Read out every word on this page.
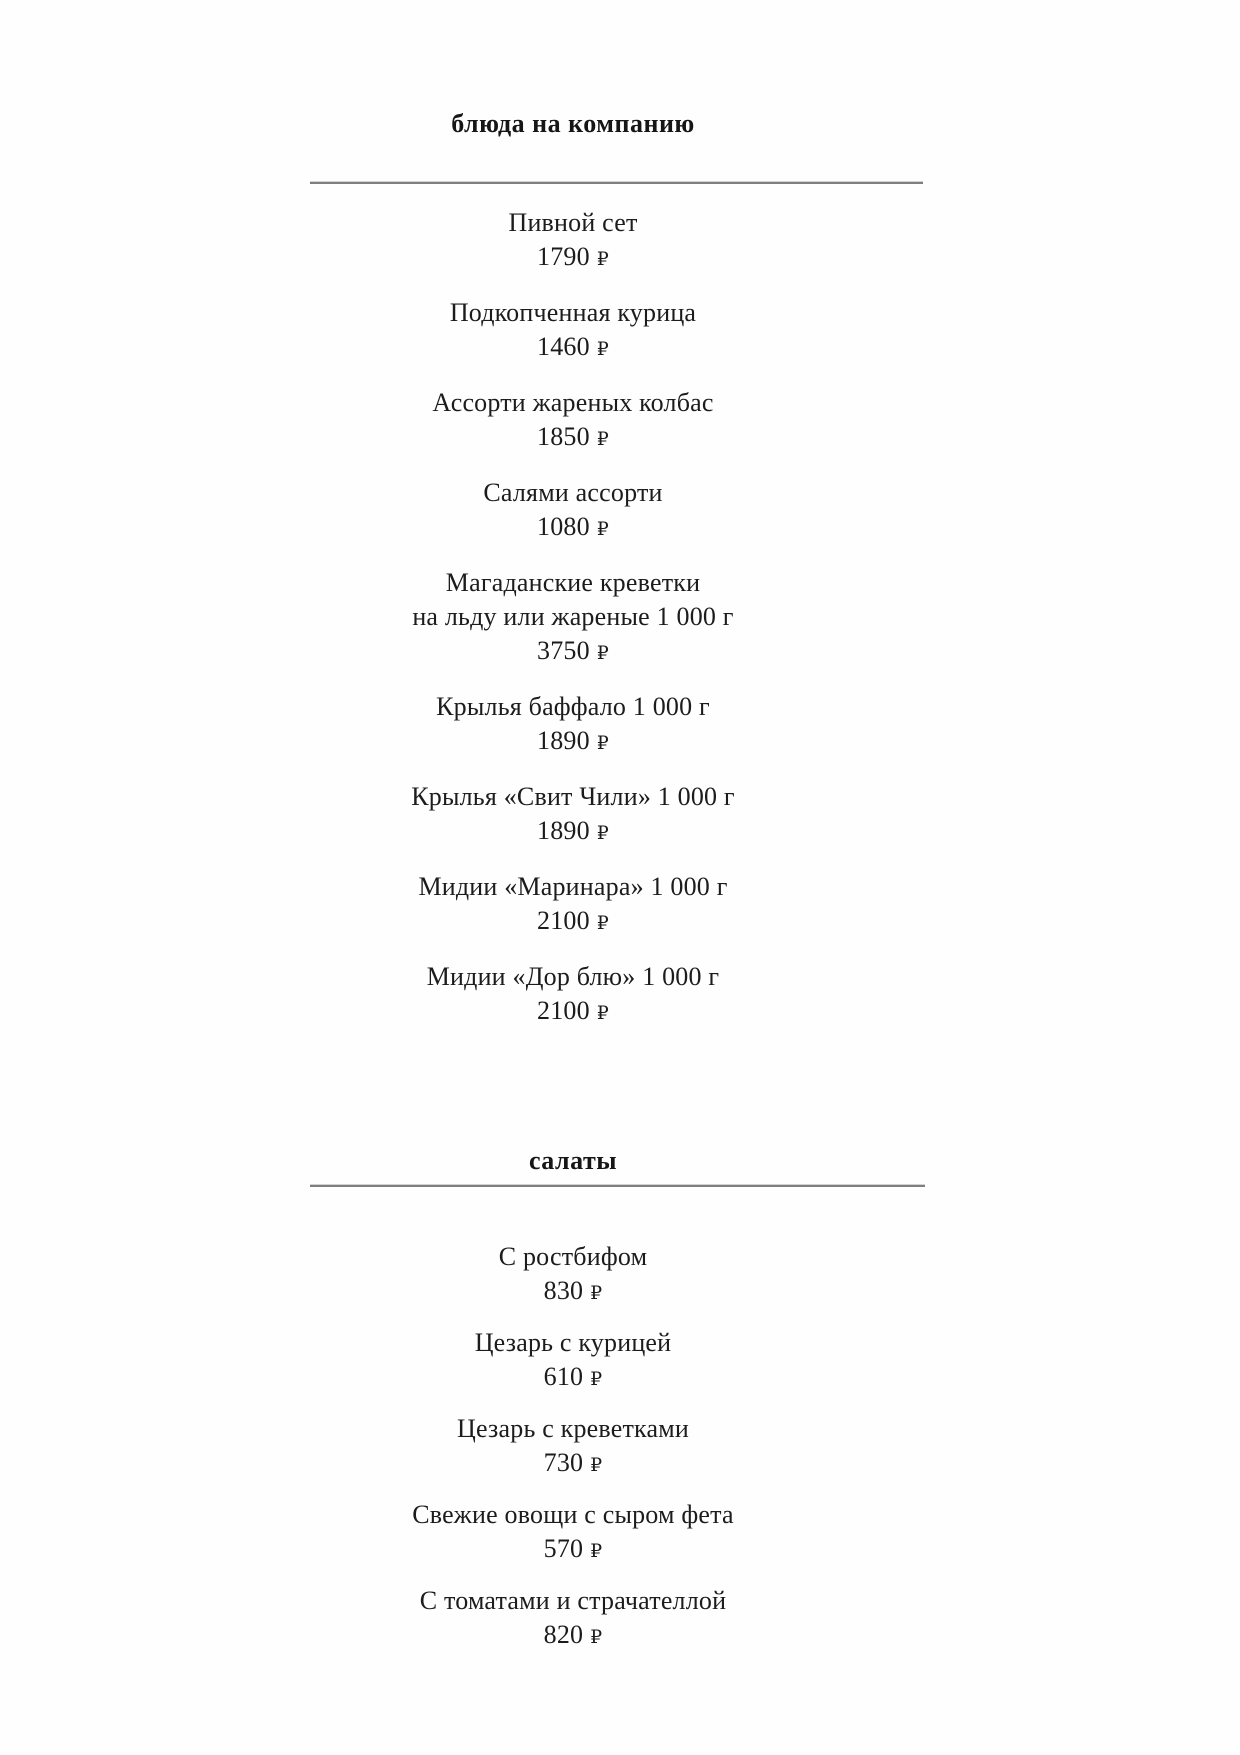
блюда на компанию
Пивной сет
1790 ₽
Подкопченная курица
1460 ₽
Ассорти жареных колбас
1850 ₽
Салями ассорти
1080 ₽
Магаданские креветки
на льду или жареные 1 000 г
3750 ₽
Крылья баффало 1 000 г
1890 ₽
Крылья «Свит Чили» 1 000 г
1890 ₽
Мидии «Маринара» 1 000 г
2100 ₽
Мидии «Дор блю» 1 000 г
2100 ₽
салаты
С ростбифом
830 ₽
Цезарь с курицей
610 ₽
Цезарь с креветками
730 ₽
Свежие овощи с сыром фета
570 ₽
С томатами и страчателлой
820 ₽
